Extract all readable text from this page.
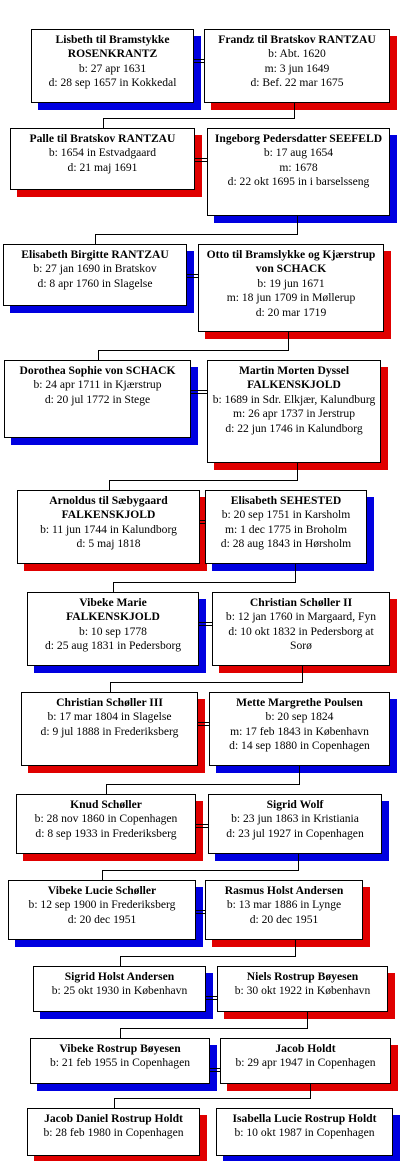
Lisbeth til Bramstykke ROSENKRANTZ
b: 27 apr 1631
d: 28 sep 1657 in Kokkedal
Frandz til Bratskov RANTZAU
b: Abt. 1620
m: 3 jun 1649
d: Bef. 22 mar 1675
Palle til Bratskov RANTZAU
b: 1654 in Estvadgaard
d: 21 maj 1691
Ingeborg Pedersdatter SEEFELD
b: 17 aug 1654
m: 1678
d: 22 okt 1695 in i barselsseng
Elisabeth Birgitte RANTZAU
b: 27 jan 1690 in Bratskov
d: 8 apr 1760 in Slagelse
Otto til Bramslykke og Kjærstrup von SCHACK
b: 19 jun 1671
m: 18 jun 1709 in Møllerup
d: 20 mar 1719
Dorothea Sophie von SCHACK
b: 24 apr 1711 in Kjærstrup
d: 20 jul 1772 in Stege
Martin Morten Dyssel FALKENSKJOLD
b: 1689 in Sdr. Elkjær, Kalundburg
m: 26 apr 1737 in Jerstrup
d: 22 jun 1746 in Kalundborg
Arnoldus til Sæbygaard FALKENSKJOLD
b: 11 jun 1744 in Kalundborg
d: 5 maj 1818
Elisabeth SEHESTED
b: 20 sep 1751 in Karsholm
m: 1 dec 1775 in Broholm
d: 28 aug 1843 in Hørsholm
Vibeke Marie FALKENSKJOLD
b: 10 sep 1778
d: 25 aug 1831 in Pedersborg
Christian Schøller II
b: 12 jan 1760 in Margaard, Fyn
d: 10 okt 1832 in Pedersborg at Sorø
Christian Schøller III
b: 17 mar 1804 in Slagelse
d: 9 jul 1888 in Frederiksberg
Mette Margrethe Poulsen
b: 20 sep 1824
m: 17 feb 1843 in København
d: 14 sep 1880 in Copenhagen
Knud Schøller
b: 28 nov 1860 in Copenhagen
d: 8 sep 1933 in Frederiksberg
Sigrid Wolf
b: 23 jun 1863 in Kristiania
d: 23 jul 1927 in Copenhagen
Vibeke Lucie Schøller
b: 12 sep 1900 in Frederiksberg
d: 20 dec 1951
Rasmus Holst Andersen
b: 13 mar 1886 in Lynge
d: 20 dec 1951
Sigrid Holst Andersen
b: 25 okt 1930 in København
Niels Rostrup Bøyesen
b: 30 okt 1922 in København
Vibeke Rostrup Bøyesen
b: 21 feb 1955 in Copenhagen
Jacob Holdt
b: 29 apr 1947 in Copenhagen
Jacob Daniel Rostrup Holdt
b: 28 feb 1980 in Copenhagen
Isabella Lucie Rostrup Holdt
b: 10 okt 1987 in Copenhagen
